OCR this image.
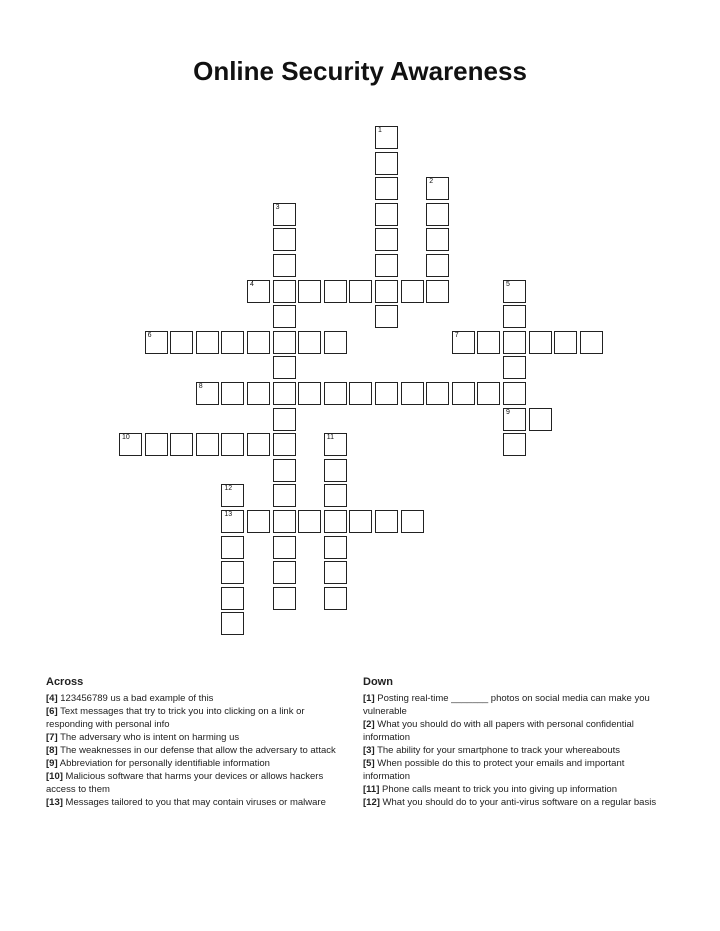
Online Security Awareness
1
2
3
4	5
9
6	7
8
10	11
12
13
Across

[4] 123456789 us a bad example of this

[6] Text messages that try to trick you into clicking on a link or responding with personal info

[7] The adversary who is intent on harming us

[8] The weaknesses in our defense that allow the adversary to attack

[9] Abbreviation for personally identifiable information

[10] Malicious software that harms your devices or allows hackers access to them

[13] Messages tailored to you that may contain viruses or malware

Down

[1] Posting real-time _______ photos on social media can make you vulnerable

[2] What you should do with all papers with personal confidential information

[3] The ability for your smartphone to track your whereabouts

[5] When possible do this to protect your emails and important information

[11] Phone calls meant to trick you into giving up information

[12] What you should do to your anti-virus software on a regular basis
